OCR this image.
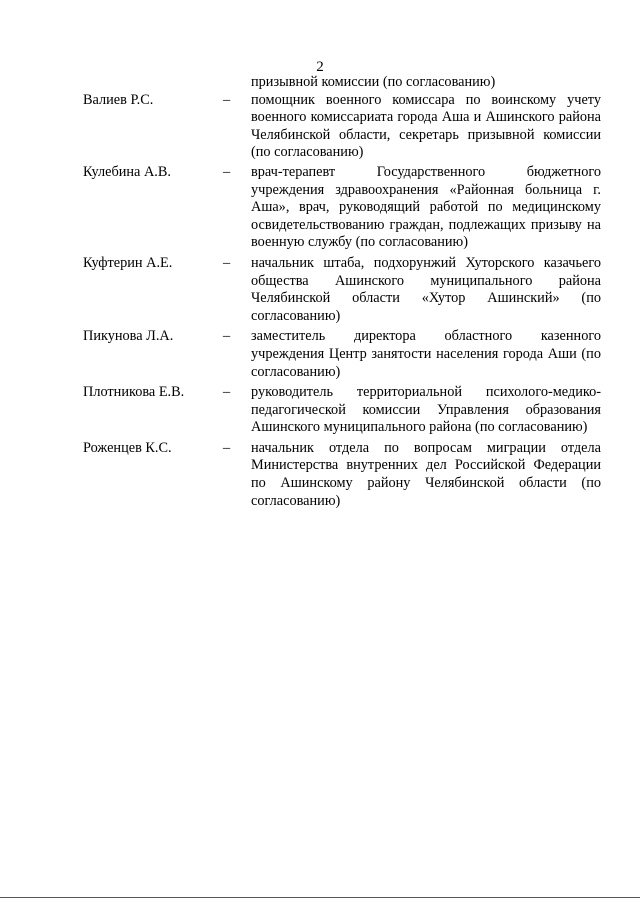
2
призывной комиссии (по согласованию)
Валиев Р.С.	–	помощник военного комиссара по воинскому учету военного комиссариата города Аша и Ашинского района Челябинской области, секретарь призывной комиссии (по согласованию)
Кулебина А.В.	–	врач-терапевт Государственного бюджетного учреждения здравоохранения «Районная больница г. Аша», врач, руководящий работой по медицинскому освидетельствованию граждан, подлежащих призыву на военную службу (по согласованию)
Куфтерин А.Е.	–	начальник штаба, подхорунжий Хуторского казачьего общества Ашинского муниципального района Челябинской области «Хутор Ашинский» (по согласованию)
Пикунова Л.А.	–	заместитель директора областного казенного учреждения Центр занятости населения города Аши (по согласованию)
Плотникова Е.В.	–	руководитель территориальной психолого-медико-педагогической комиссии Управления образования Ашинского муниципального района (по согласованию)
Роженцев К.С.	–	начальник отдела по вопросам миграции отдела Министерства внутренних дел Российской Федерации по Ашинскому району Челябинской области (по согласованию)
